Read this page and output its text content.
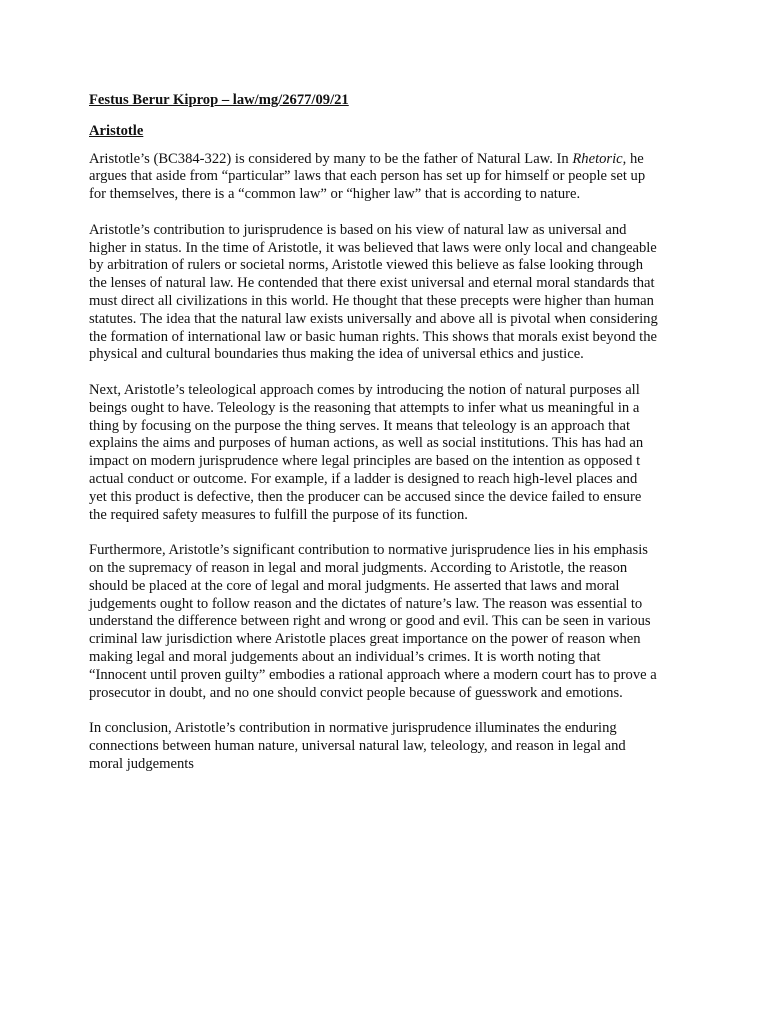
Festus Berur Kiprop – law/mg/2677/09/21
Aristotle

Aristotle’s (BC384-322) is considered by many to be the father of Natural Law. In Rhetoric, he
argues that aside from “particular” laws that each person has set up for himself or people set up
for themselves, there is a “common law” or “higher law” that is according to nature.

Aristotle’s contribution to jurisprudence is based on his view of natural law as universal and
higher in status. In the time of Aristotle, it was believed that laws were only local and changeable
by arbitration of rulers or societal norms, Aristotle viewed this believe as false looking through
the lenses of natural law. He contended that there exist universal and eternal moral standards that
must direct all civilizations in this world. He thought that these precepts were higher than human
statutes. The idea that the natural law exists universally and above all is pivotal when considering
the formation of international law or basic human rights. This shows that morals exist beyond the
physical and cultural boundaries thus making the idea of universal ethics and justice.

Next, Aristotle’s teleological approach comes by introducing the notion of natural purposes all
beings ought to have. Teleology is the reasoning that attempts to infer what us meaningful in a
thing by focusing on the purpose the thing serves. It means that teleology is an approach that
explains the aims and purposes of human actions, as well as social institutions. This has had an
impact on modern jurisprudence where legal principles are based on the intention as opposed t
actual conduct or outcome. For example, if a ladder is designed to reach high-level places and
yet this product is defective, then the producer can be accused since the device failed to ensure
the required safety measures to fulfill the purpose of its function.

Furthermore, Aristotle’s significant contribution to normative jurisprudence lies in his emphasis
on the supremacy of reason in legal and moral judgments. According to Aristotle, the reason
should be placed at the core of legal and moral judgments. He asserted that laws and moral
judgements ought to follow reason and the dictates of nature’s law. The reason was essential to
understand the difference between right and wrong or good and evil. This can be seen in various
criminal law jurisdiction where Aristotle places great importance on the power of reason when
making legal and moral judgements about an individual’s crimes. It is worth noting that
“Innocent until proven guilty” embodies a rational approach where a modern court has to prove a
prosecutor in doubt, and no one should convict people because of guesswork and emotions.

In conclusion, Aristotle’s contribution in normative jurisprudence illuminates the enduring
connections between human nature, universal natural law, teleology, and reason in legal and
moral judgements
